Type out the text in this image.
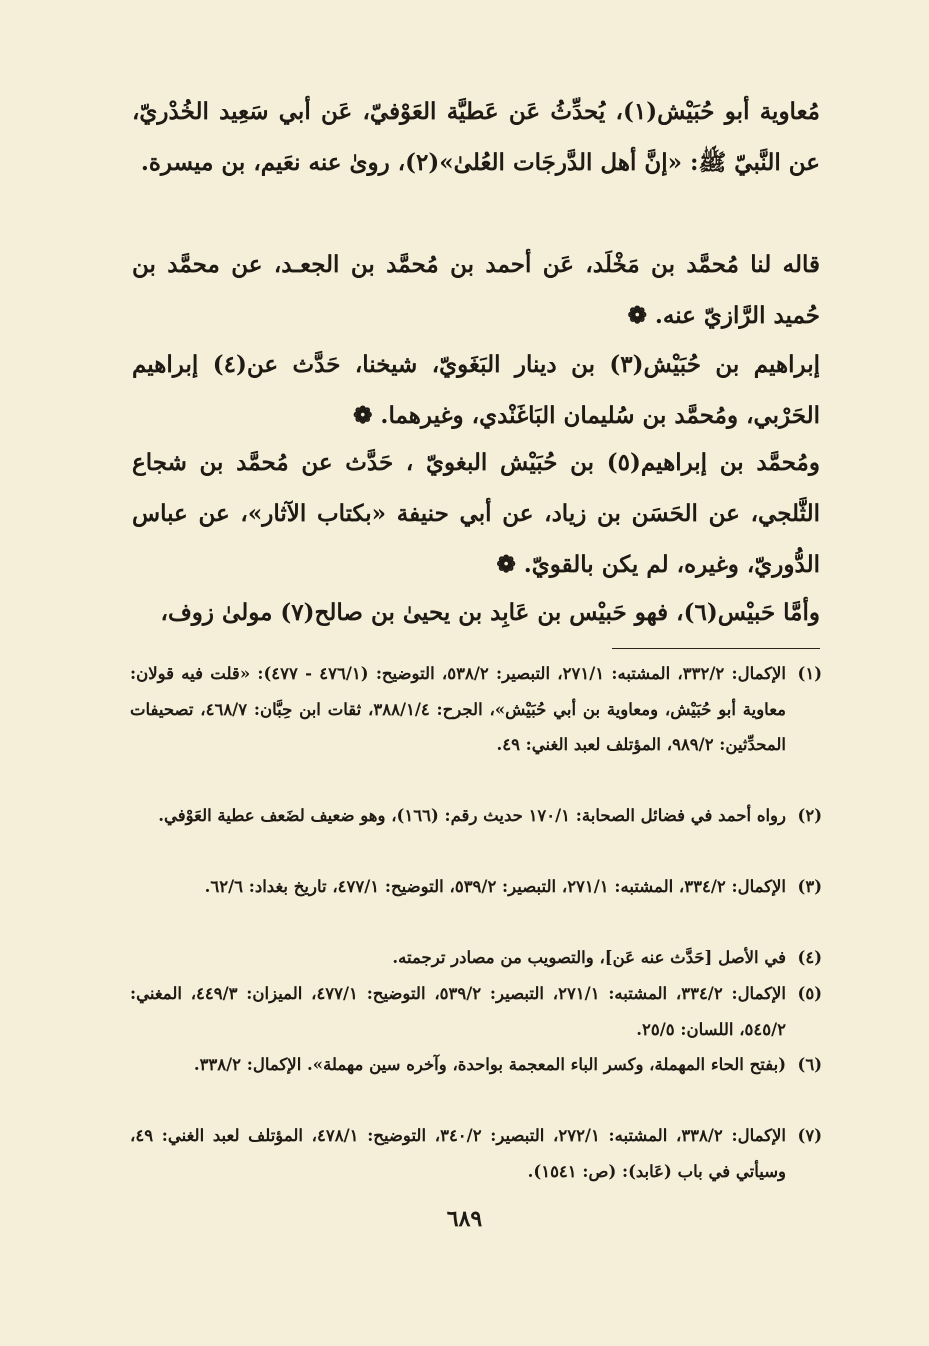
مُعاوية أبو حُبَيْش(١)، يُحدِّثُ عَن عَطيَّة العَوْفيّ، عَن أبي سَعِيد الخُدْريّ، عن النَّبيّ ﷺ: «إنَّ أهل الدَّرجَات العُلىٰ»(٢)، روىٰ عنه نعَيم، بن ميسرة.

قاله لنا مُحمَّد بن مَخْلَد، عَن أحمد بن مُحمَّد بن الجعـد، عن محمَّد بن حُميد الرَّازيّ عنه. ❁

إبراهيم بن حُبَيْش(٣) بن دينار البَغَويّ، شيخنا، حَدَّث عن(٤) إبراهيم الحَرْبي، ومُحمَّد بن سُليمان البَاغَنْدي، وغيرهما. ❁

ومُحمَّد بن إبراهيم(٥) بن حُبَيْش البغويّ ، حَدَّث عن مُحمَّد بن شجاع الثَّلجي، عن الحَسَن بن زياد، عن أبي حنيفة «بكتاب الآثار»، عن عباس الدُّوريّ، وغيره، لم يكن بالقويّ. ❁

وأمَّا حَبيْس(٦)، فهو حَبيْس بن عَابِد بن يحيىٰ بن صالح(٧) مولىٰ زوف،

(١)
الإكمال: ٣٣٢/٢، المشتبه: ٢٧١/١، التبصير: ٥٣٨/٢، التوضيح: (٤٧٦/١ - ٤٧٧): «قلت فيه قولان: معاوية أبو حُبَيْش، ومعاوية بن أبي حُبَيْش»، الجرح: ٣٨٨/١/٤، ثقات ابن حِبَّان: ٤٦٨/٧، تصحيفات المحدِّثين: ٩٨٩/٢، المؤتلف لعبد الغني: ٤٩.

(٢)
رواه أحمد في فضائل الصحابة: ١٧٠/١ حديث رقم: (١٦٦)، وهو ضعيف لضَعف عطية العَوْفي.

(٣)
الإكمال: ٣٣٤/٢، المشتبه: ٢٧١/١، التبصير: ٥٣٩/٢، التوضيح: ٤٧٧/١، تاريخ بغداد: ٦٢/٦.

(٤)
في الأصل [حَدَّث عنه عَن]، والتصويب من مصادر ترجمته.

(٥)
الإكمال: ٣٣٤/٢، المشتبه: ٢٧١/١، التبصير: ٥٣٩/٢، التوضيح: ٤٧٧/١، الميزان: ٤٤٩/٣، المغني: ٥٤٥/٢، اللسان: ٢٥/٥.

(٦)
(بفتح الحاء المهملة، وكسر الباء المعجمة بواحدة، وآخره سين مهملة». الإكمال: ٣٣٨/٢.

(٧)
الإكمال: ٣٣٨/٢، المشتبه: ٢٧٢/١، التبصير: ٣٤٠/٢، التوضيح: ٤٧٨/١، المؤتلف لعبد الغني: ٤٩، وسيأتي في باب (عَابد): (ص: ١٥٤١).

٦٨٩
